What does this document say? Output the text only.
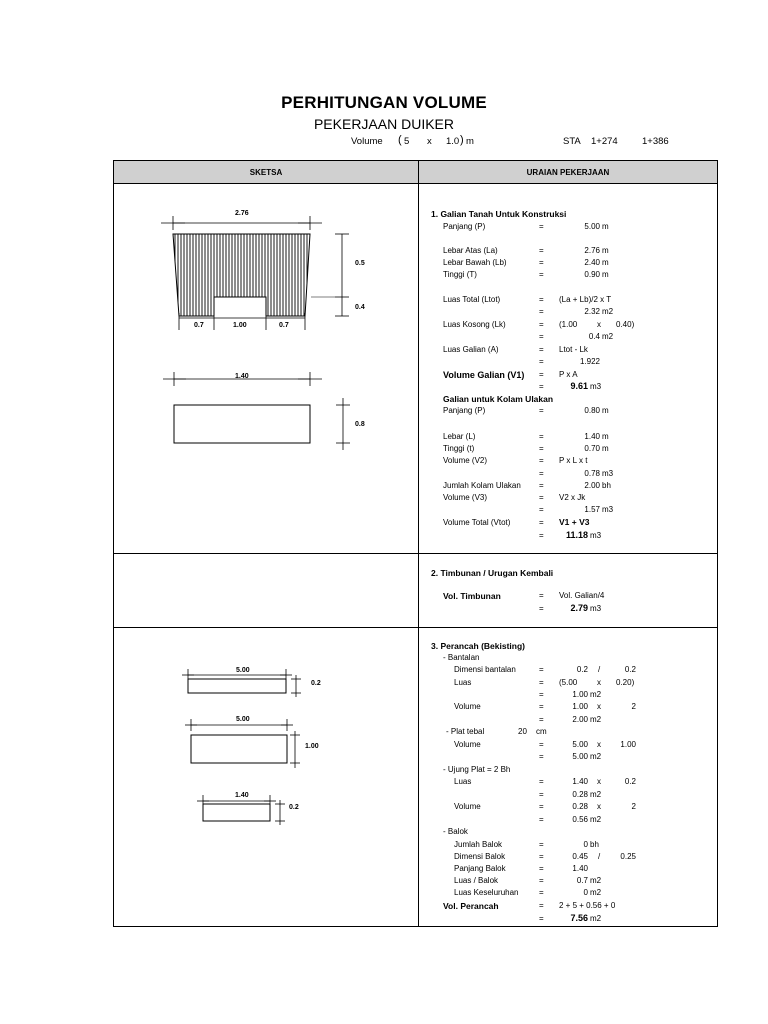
PERHITUNGAN VOLUME
PEKERJAAN DUIKER
Volume ( 5 x 1.0 ) m	STA 1+274	1+386
SKETSA	URAIAN PEKERJAAN

2.76
0.5
0.4
0.7	1.00	0.7
1.40
0.8
5.00
0.2
5.00
1.00
1.40
0.2
1. Galian Tanah Untuk Konstruksi
Panjang (P)	=	5.00 m
Lebar Atas (La)	=	2.76 m
Lebar Bawah (Lb)	=	2.40 m
Tinggi (T)	=	0.90 m
Luas Total (Ltot)	= (La + Lb)/2 x T
=	2.32 m2
Luas Kosong (Lk)	= (1.00 x 0.40)
=	0.4 m2
Luas Galian (A)	= Ltot - Lk
=	1.922
Volume Galian (V1) = P x A
=	9.61 m3
Galian untuk Kolam Ulakan
Panjang (P)	=	0.80 m
Lebar (L)	=	1.40 m
Tinggi (t)	=	0.70 m
Volume (V2)	= P x L x t
=	0.78 m3
Jumlah Kolam Ulakan =	2.00 bh
Volume (V3)	= V2 x Jk
=	1.57 m3
Volume Total (Vtot)	= V1 + V3
=	11.18 m3
2. Timbunan / Urugan Kembali
Vol. Timbunan	= Vol. Galian/4
=	2.79 m3
3. Perancah (Bekisting)
- Bantalan
Dimensi bantalan	=	0.2 /	0.2
Luas	= (5.00 x 0.20)
=	1.00 m2
Volume	=	1.00 x	2
=	2.00 m2
- Plat tebal	20 cm
Volume	=	5.00 x	1.00
=	5.00 m2
- Ujung Plat = 2 Bh
Luas	=	1.40 x	0.2
=	0.28 m2
Volume	=	0.28 x	2
=	0.56 m2
- Balok
Jumlah Balok	=	0 bh
Dimensi Balok	=	0.45 /	0.25
Panjang Balok	=	1.40
Luas / Balok	=	0.7 m2
Luas Keseluruhan	=	0 m2
Vol. Perancah	= 2 + 5 + 0.56 + 0
=	7.56 m2
